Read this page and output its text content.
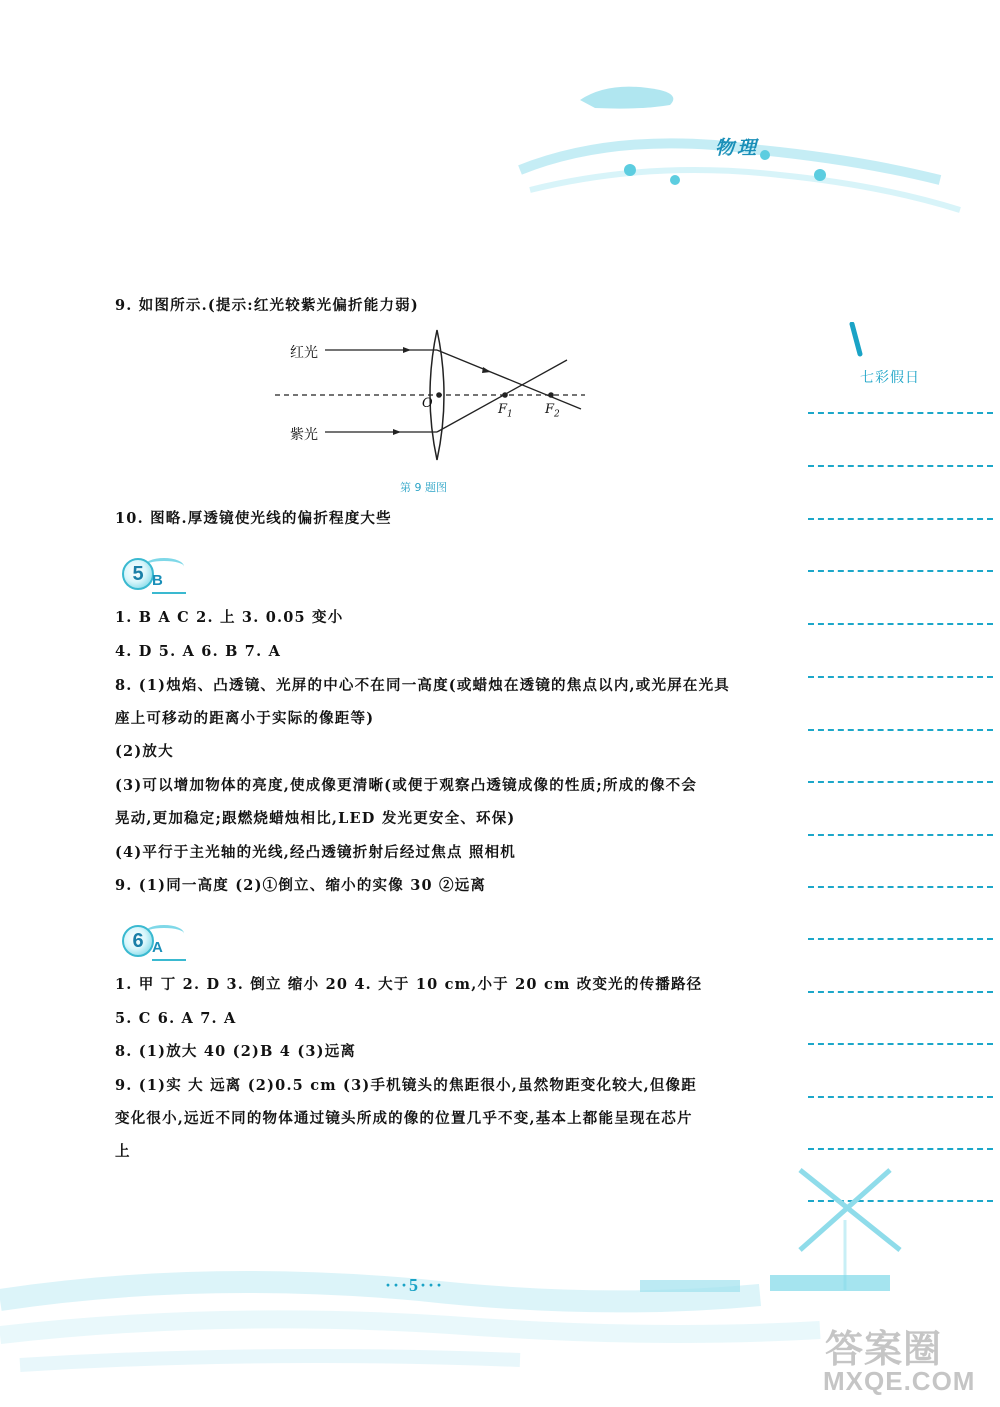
物理
七彩假日
9. 如图所示.(提示:红光较紫光偏折能力弱)
红光
紫光
O	$F_1$ $F_2$
第 9 题图
10. 图略.厚透镜使光线的偏折程度大些
5 B
1. B A C 2. 上 3. 0.05 变小
4. D 5. A 6. B 7. A
8. (1)烛焰、凸透镜、光屏的中心不在同一高度(或蜡烛在透镜的焦点以内,或光屏在光具
座上可移动的距离小于实际的像距等)
(2)放大
(3)可以增加物体的亮度,使成像更清晰(或便于观察凸透镜成像的性质;所成的像不会
晃动,更加稳定;跟燃烧蜡烛相比,LED 发光更安全、环保)
(4)平行于主光轴的光线,经凸透镜折射后经过焦点 照相机
9. (1)同一高度 (2)①倒立、缩小的实像 30 ②远离
6 A
1. 甲 丁 2. D 3. 倒立 缩小 20 4. 大于 10 cm,小于 20 cm 改变光的传播路径
5. C 6. A 7. A
8. (1)放大 40 (2)B 4 (3)远离
9. (1)实 大 远离 (2)0.5 cm (3)手机镜头的焦距很小,虽然物距变化较大,但像距
变化很小,远近不同的物体通过镜头所成的像的位置几乎不变,基本上都能呈现在芯片
上
···5···
答案圈
MXQE.COM
